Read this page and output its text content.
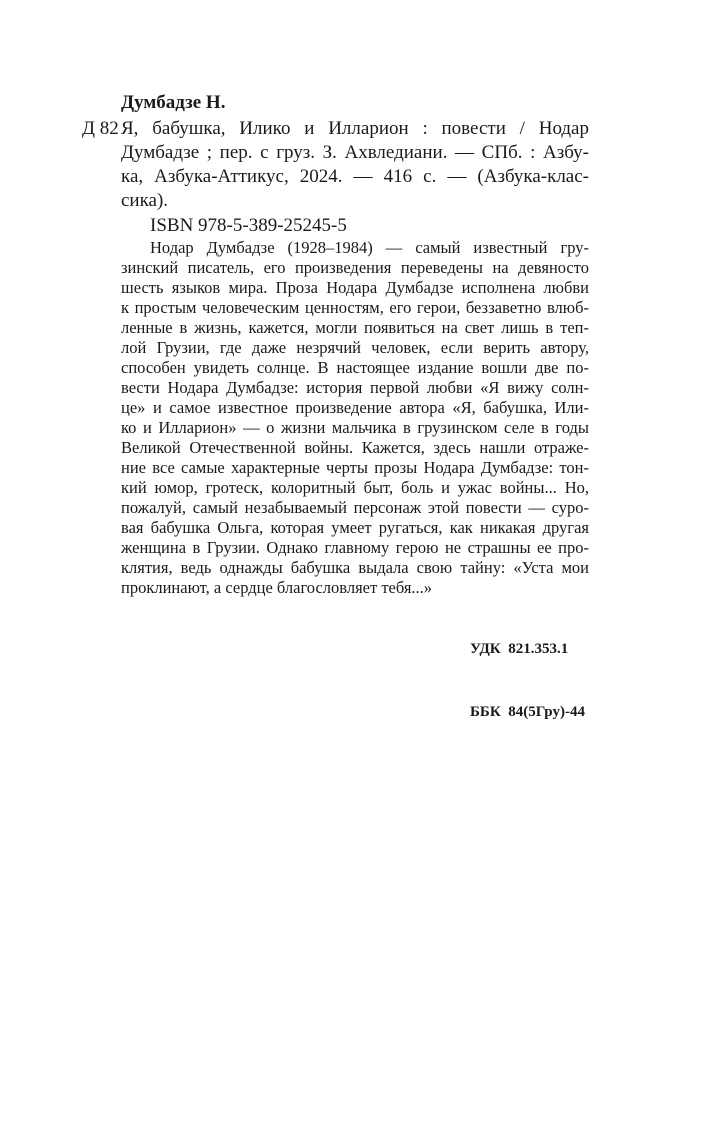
Думбадзе Н.
Д 82 Я, бабушка, Илико и Илларион : повести / Нодар
Думбадзе ; пер. с груз. З. Ахвледиани. — СПб. : Азбу-
ка, Азбука-Аттикус, 2024. — 416 с. — (Азбука-клас-
сика).
ISBN 978-5-389-25245-5
Нодар Думбадзе (1928–1984) — самый известный гру-
зинский писатель, его произведения переведены на девяносто
шесть языков мира. Проза Нодара Думбадзе исполнена любви
к простым человеческим ценностям, его герои, беззаветно влюб-
ленные в жизнь, кажется, могли появиться на свет лишь в теп-
лой Грузии, где даже незрячий человек, если верить автору,
способен увидеть солнце. В настоящее издание вошли две по-
вести Нодара Думбадзе: история первой любви «Я вижу солн-
це» и самое известное произведение автора «Я, бабушка, Или-
ко и Илларион» — о жизни мальчика в грузинском селе в годы
Великой Отечественной войны. Кажется, здесь нашли отраже-
ние все самые характерные черты прозы Нодара Думбадзе: тон-
кий юмор, гротеск, колоритный быт, боль и ужас войны... Но,
пожалуй, самый незабываемый персонаж этой повести — суро-
вая бабушка Ольга, которая умеет ругаться, как никакая другая
женщина в Грузии. Однако главному герою не страшны ее про-
клятия, ведь однажды бабушка выдала свою тайну: «Уста мои
проклинают, а сердце благословляет тебя...»

УДК  821.353.1

ББК  84(5Гру)-44
